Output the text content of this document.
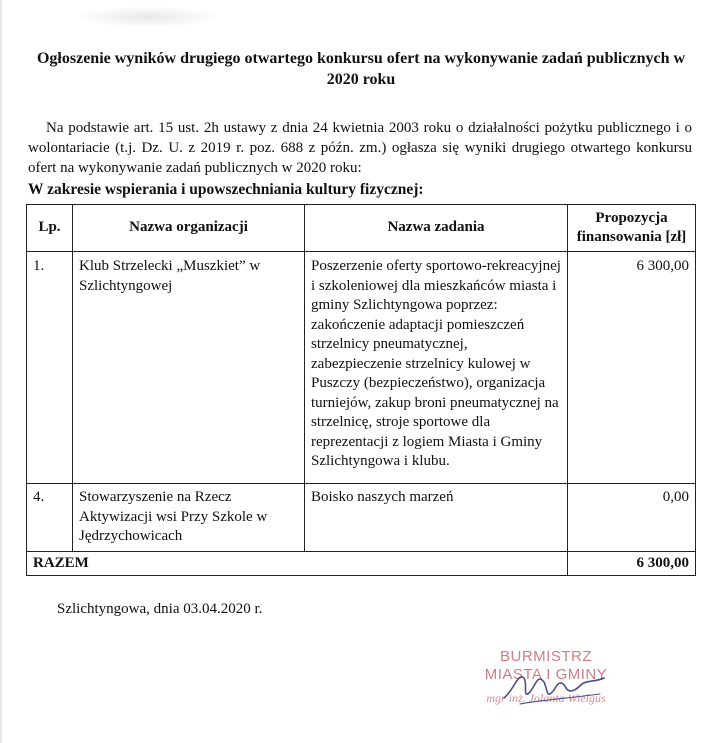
Ogłoszenie wyników drugiego otwartego konkursu ofert na wykonywanie zadań publicznych w 2020 roku
Na podstawie art. 15 ust. 2h ustawy z dnia 24 kwietnia 2003 roku o działalności pożytku publicznego i o wolontariacie (t.j. Dz. U. z 2019 r. poz. 688 z późn. zm.) ogłasza się wyniki drugiego otwartego konkursu ofert na wykonywanie zadań publicznych w 2020 roku:
W zakresie wspierania i upowszechniania kultury fizycznej:
Lp.	Nazwa organizacji	Nazwa zadania	Propozycja finansowania [zł]
1.	Klub Strzelecki „Muszkiet” w Szlichtyngowej	Poszerzenie oferty sportowo-rekreacyjnej i szkoleniowej dla mieszkańców miasta i gminy Szlichtyngowa poprzez: zakończenie adaptacji pomieszczeń strzelnicy pneumatycznej, zabezpieczenie strzelnicy kulowej w Puszczy (bezpieczeństwo), organizacja turniejów, zakup broni pneumatycznej na strzelnicę, stroje sportowe dla reprezentacji z logiem Miasta i Gminy Szlichtyngowa i klubu.	6 300,00
4.	Stowarzyszenie na Rzecz Aktywizacji wsi Przy Szkole w Jędrzychowicach	Boisko naszych marzeń	0,00
RAZEM			6 300,00
Szlichtyngowa, dnia 03.04.2020 r.
BURMISTRZ
MIASTA I GMINY
mgr inż. Jolanta Wielgus
